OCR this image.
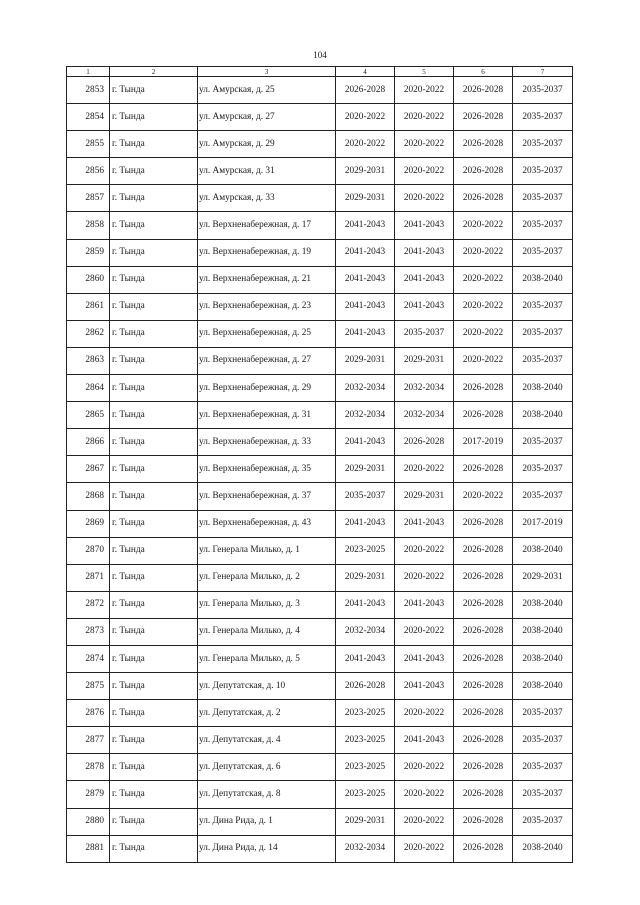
104
1	2	3	4	5	6	7
2853	г. Тында	ул. Амурская, д. 25	2026-2028	2020-2022	2026-2028	2035-2037
2854	г. Тында	ул. Амурская, д. 27	2020-2022	2020-2022	2026-2028	2035-2037
2855	г. Тында	ул. Амурская, д. 29	2020-2022	2020-2022	2026-2028	2035-2037
2856	г. Тында	ул. Амурская, д. 31	2029-2031	2020-2022	2026-2028	2035-2037
2857	г. Тында	ул. Амурская, д. 33	2029-2031	2020-2022	2026-2028	2035-2037
2858	г. Тында	ул. Верхненабережная, д. 17	2041-2043	2041-2043	2020-2022	2035-2037
2859	г. Тында	ул. Верхненабережная, д. 19	2041-2043	2041-2043	2020-2022	2035-2037
2860	г. Тында	ул. Верхненабережная, д. 21	2041-2043	2041-2043	2020-2022	2038-2040
2861	г. Тында	ул. Верхненабережная, д. 23	2041-2043	2041-2043	2020-2022	2035-2037
2862	г. Тында	ул. Верхненабережная, д. 25	2041-2043	2035-2037	2020-2022	2035-2037
2863	г. Тында	ул. Верхненабережная, д. 27	2029-2031	2029-2031	2020-2022	2035-2037
2864	г. Тында	ул. Верхненабережная, д. 29	2032-2034	2032-2034	2026-2028	2038-2040
2865	г. Тында	ул. Верхненабережная, д. 31	2032-2034	2032-2034	2026-2028	2038-2040
2866	г. Тында	ул. Верхненабережная, д. 33	2041-2043	2026-2028	2017-2019	2035-2037
2867	г. Тында	ул. Верхненабережная, д. 35	2029-2031	2020-2022	2026-2028	2035-2037
2868	г. Тында	ул. Верхненабережная, д. 37	2035-2037	2029-2031	2020-2022	2035-2037
2869	г. Тында	ул. Верхненабережная, д. 43	2041-2043	2041-2043	2026-2028	2017-2019
2870	г. Тында	ул. Генерала Милько, д. 1	2023-2025	2020-2022	2026-2028	2038-2040
2871	г. Тында	ул. Генерала Милько, д. 2	2029-2031	2020-2022	2026-2028	2029-2031
2872	г. Тында	ул. Генерала Милько, д. 3	2041-2043	2041-2043	2026-2028	2038-2040
2873	г. Тында	ул. Генерала Милько, д. 4	2032-2034	2020-2022	2026-2028	2038-2040
2874	г. Тында	ул. Генерала Милько, д. 5	2041-2043	2041-2043	2026-2028	2038-2040
2875	г. Тында	ул. Депутатская, д. 10	2026-2028	2041-2043	2026-2028	2038-2040
2876	г. Тында	ул. Депутатская, д. 2	2023-2025	2020-2022	2026-2028	2035-2037
2877	г. Тында	ул. Депутатская, д. 4	2023-2025	2041-2043	2026-2028	2035-2037
2878	г. Тында	ул. Депутатская, д. 6	2023-2025	2020-2022	2026-2028	2035-2037
2879	г. Тында	ул. Депутатская, д. 8	2023-2025	2020-2022	2026-2028	2035-2037
2880	г. Тында	ул. Дина Рида, д. 1	2029-2031	2020-2022	2026-2028	2035-2037
2881	г. Тында	ул. Дина Рида, д. 14	2032-2034	2020-2022	2026-2028	2038-2040
